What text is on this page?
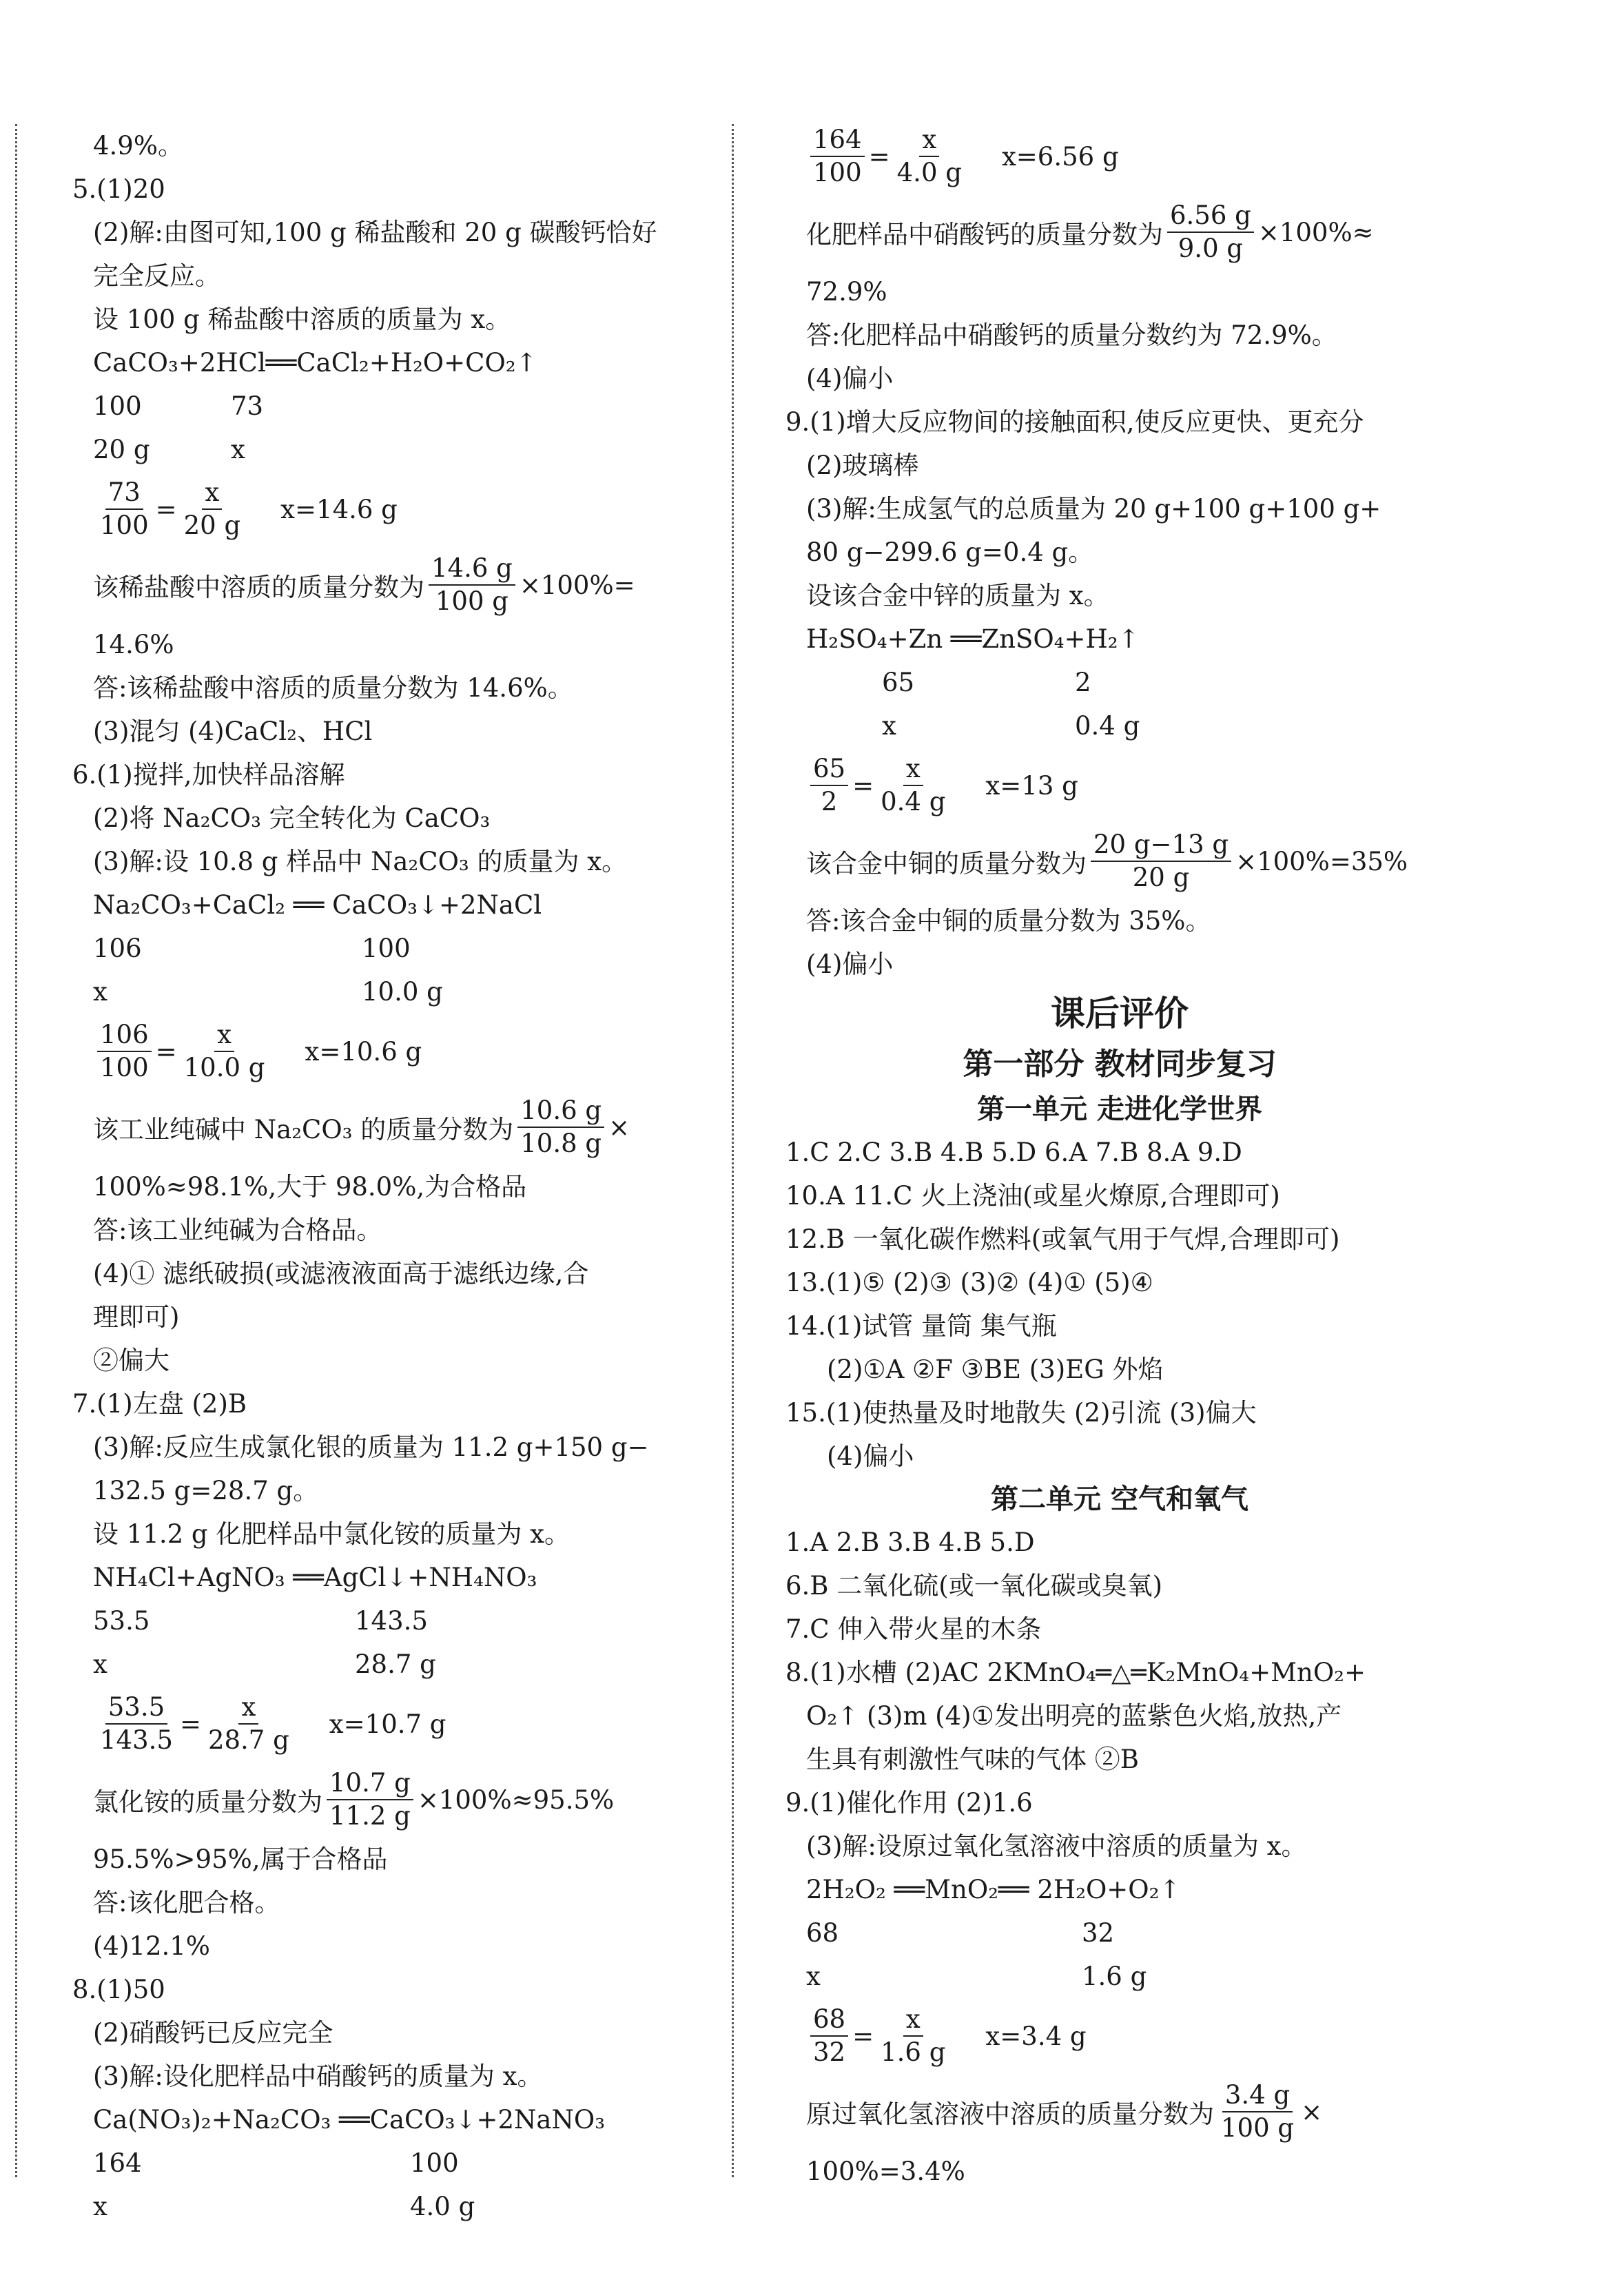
4.9%。
5.(1)20
(2)解:由图可知,100 g 稀盐酸和 20 g 碳酸钙恰好
完全反应。
设 100 g 稀盐酸中溶质的质量为 x。
CaCO₃+2HCl══CaCl₂+H₂O+CO₂↑
100	73
20 g	x
$\frac{73}{100} = \frac{x}{20 g} x=14.6$ g
该稀盐酸中溶质的质量分数为 $\frac{14.6 g}{100 g} \times 100\%=$
14.6%
答:该稀盐酸中溶质的质量分数为 14.6%。
(3)混匀 (4)CaCl₂、HCl
6.(1)搅拌,加快样品溶解
(2)将 Na₂CO₃ 完全转化为 CaCO₃
(3)解:设 10.8 g 样品中 Na₂CO₃ 的质量为 x。
Na₂CO₃+CaCl₂ ══ CaCO₃↓+2NaCl
106	100
x	10.0 g
$\frac{106}{100} = \frac{x}{10.0 g} x=10.6$ g
该工业纯碱中 Na₂CO₃ 的质量分数为 $\frac{10.6 g}{10.8 g}$ ×
100%≈98.1%,大于 98.0%,为合格品
答:该工业纯碱为合格品。
(4)① 滤纸破损(或滤液液面高于滤纸边缘,合
理即可)
②偏大
7.(1)左盘 (2)B
(3)解:反应生成氯化银的质量为 11.2 g+150 g−
132.5 g=28.7 g。
设 11.2 g 化肥样品中氯化铵的质量为 x。
NH₄Cl+AgNO₃ ══AgCl↓+NH₄NO₃
53.5	143.5
x	28.7 g
$\frac{53.5}{143.5} = \frac{x}{28.7 g} x=10.7$ g
氯化铵的质量分数为 $\frac{10.7 g}{11.2 g} \times 100\%\approx 95.5\%$
95.5%>95%,属于合格品
答:该化肥合格。
(4)12.1%
8.(1)50
(2)硝酸钙已反应完全
(3)解:设化肥样品中硝酸钙的质量为 x。
Ca(NO₃)₂+Na₂CO₃ ══CaCO₃↓+2NaNO₃
164	100
x	4.0 g
$\frac{164}{100} = \frac{x}{4.0 g} x=6.56$ g
化肥样品中硝酸钙的质量分数为 $\frac{6.56 g}{9.0 g} \times 100\%\approx$
72.9%
答:化肥样品中硝酸钙的质量分数约为 72.9%。
(4)偏小
9.(1)增大反应物间的接触面积,使反应更快、更充分
(2)玻璃棒
(3)解:生成氢气的总质量为 20 g+100 g+100 g+
80 g−299.6 g=0.4 g。
设该合金中锌的质量为 x。
H₂SO₄+Zn ══ZnSO₄+H₂↑
65	2
x	0.4 g
$\frac{65}{2} = \frac{x}{0.4 g} x=13$ g
该合金中铜的质量分数为 $\frac{20 g-13 g}{20 g} \times 100\%=35\%$
答:该合金中铜的质量分数为 35%。
(4)偏小
课后评价
第一部分 教材同步复习
第一单元 走进化学世界
1.C 2.C 3.B 4.B 5.D 6.A 7.B 8.A 9.D
10.A 11.C 火上浇油(或星火燎原,合理即可)
12.B 一氧化碳作燃料(或氧气用于气焊,合理即可)
13.(1)⑤ (2)③ (3)② (4)① (5)④
14.(1)试管 量筒 集气瓶
(2)①A ②F ③BE (3)EG 外焰
15.(1)使热量及时地散失 (2)引流 (3)偏大
(4)偏小
第二单元 空气和氧气
1.A 2.B 3.B 4.B 5.D
6.B 二氧化硫(或一氧化碳或臭氧)
7.C 伸入带火星的木条
8.(1)水槽 (2)AC 2KMnO₄═△═K₂MnO₄+MnO₂+
O₂↑ (3)m (4)①发出明亮的蓝紫色火焰,放热,产
生具有刺激性气味的气体 ②B
9.(1)催化作用 (2)1.6
(3)解:设原过氧化氢溶液中溶质的质量为 x。
2H₂O₂ ══MnO₂══ 2H₂O+O₂↑
68	32
x	1.6 g
$\frac{68}{32} = \frac{x}{1.6 g} x=3.4$ g
原过氧化氢溶液中溶质的质量分数为 $\frac{3.4 g}{100 g}$ ×
100%=3.4%
